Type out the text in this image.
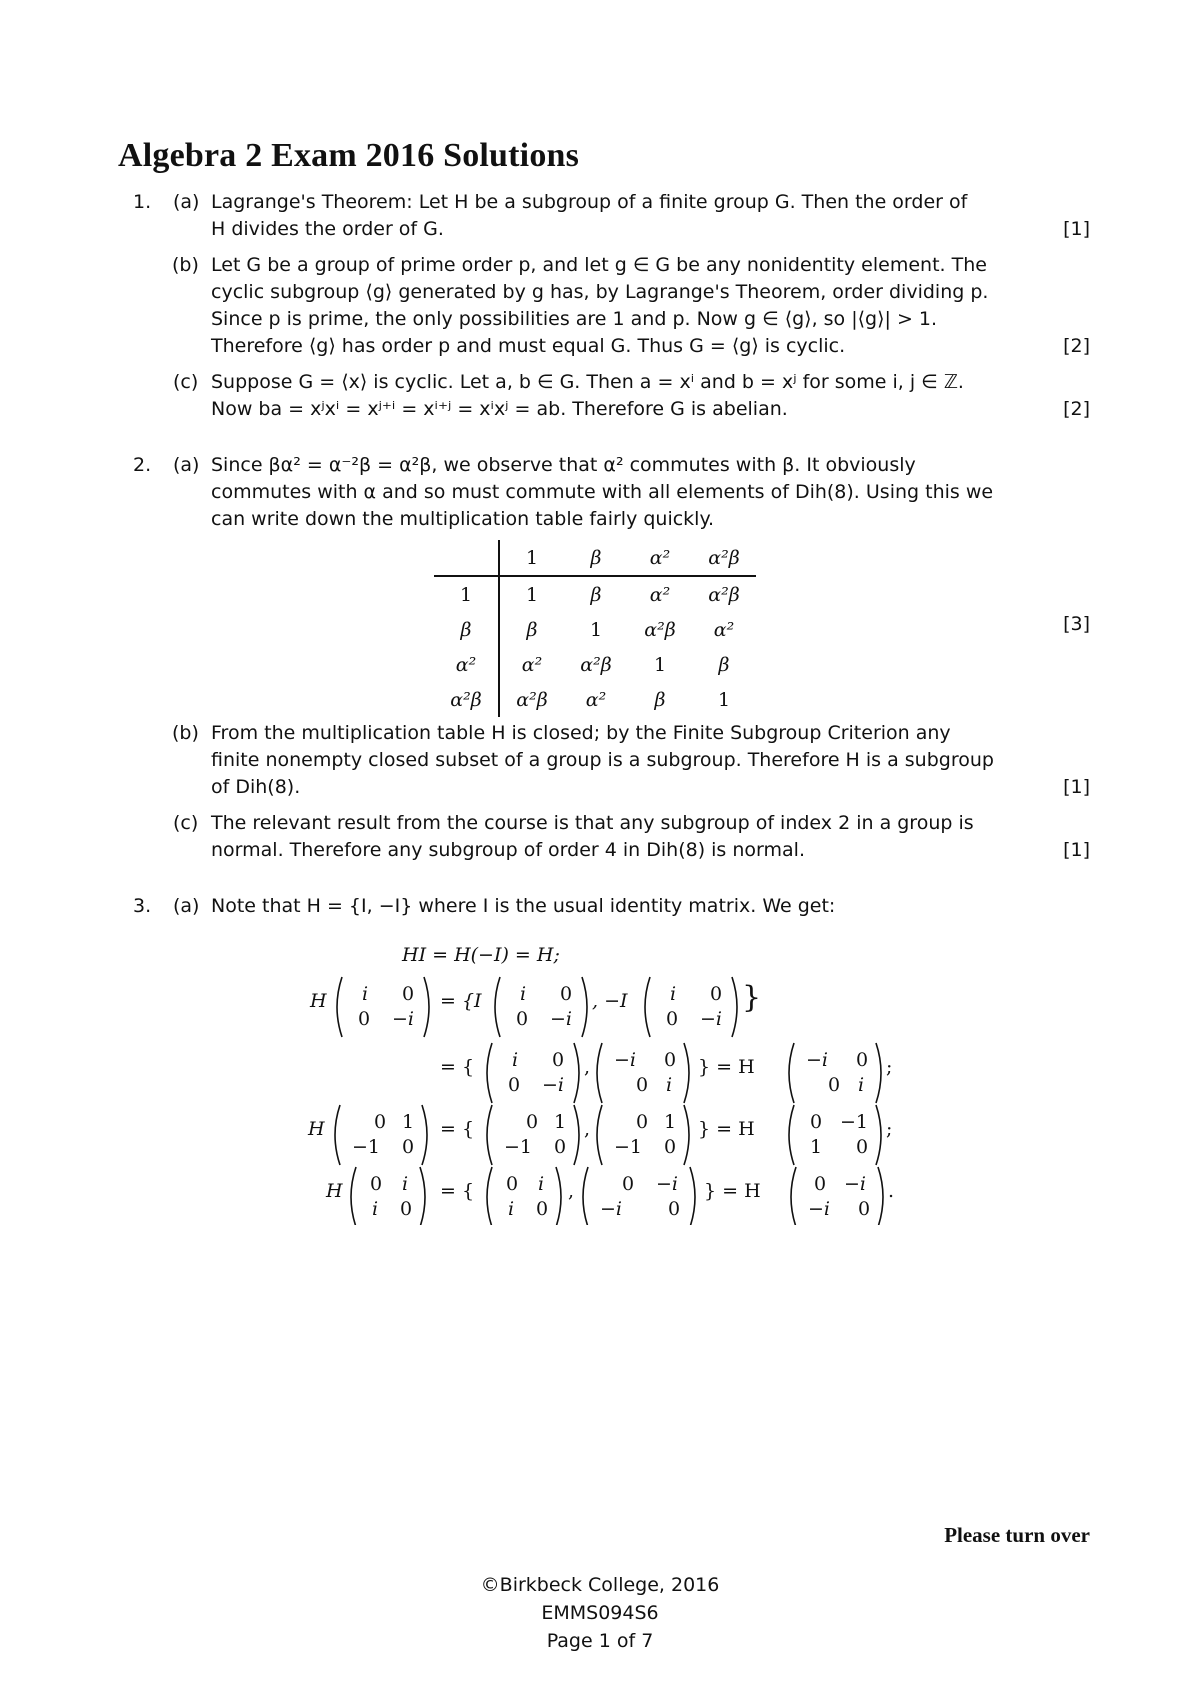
Algebra 2 Exam 2016 Solutions
1. (a) Lagrange's Theorem: Let H be a subgroup of a finite group G. Then the order of
H divides the order of G.	[1]
(b) Let G be a group of prime order p, and let g ∈ G be any nonidentity element. The
cyclic subgroup ⟨g⟩ generated by g has, by Lagrange's Theorem, order dividing p.
Since p is prime, the only possibilities are 1 and p. Now g ∈ ⟨g⟩, so |⟨g⟩| > 1.
Therefore ⟨g⟩ has order p and must equal G. Thus G = ⟨g⟩ is cyclic.	[2]
(c) Suppose G = ⟨x⟩ is cyclic. Let a, b ∈ G. Then a = xⁱ and b = xʲ for some i, j ∈ ℤ.
Now ba = xʲxⁱ = xʲ⁺ⁱ = xⁱ⁺ʲ = xⁱxʲ = ab. Therefore G is abelian.	[2]
2. (a) Since βα² = α⁻²β = α²β, we observe that α² commutes with β. It obviously
commutes with α and so must commute with all elements of Dih(8). Using this we
can write down the multiplication table fairly quickly.
	1	β	α²	α²β
1	1	β	α²	α²β
β	β	1	α²β	α²
α²	α²	α²β	1	β
α²β	α²β	α²	β	1
[3]
(b) From the multiplication table H is closed; by the Finite Subgroup Criterion any
finite nonempty closed subset of a group is a subgroup. Therefore H is a subgroup
of Dih(8).	[1]
(c) The relevant result from the course is that any subgroup of index 2 in a group is
normal. Therefore any subgroup of order 4 in Dih(8) is normal.	[1]
3. (a) Note that H = {I, −I} where I is the usual identity matrix. We get:
HI = H(−I) = H;
H i 0
0 −i
= {I i 0
0 −i
, −I i 0
0 −i
}
= { i 0
0 −i
, −i 0
0 i
} = H	−i 0
0 i
;
H	0 1
−1 0
= {	0 1
−1 0
, 0 1
−1 0
} = H	0 −1
1 0
;
H 0 i
i 0
= { 0 i
i 0
,	0 −i
−i 0
} = H	0 −i
−i 0
.
Please turn over
©Birkbeck College, 2016
EMMS094S6
Page 1 of 7
